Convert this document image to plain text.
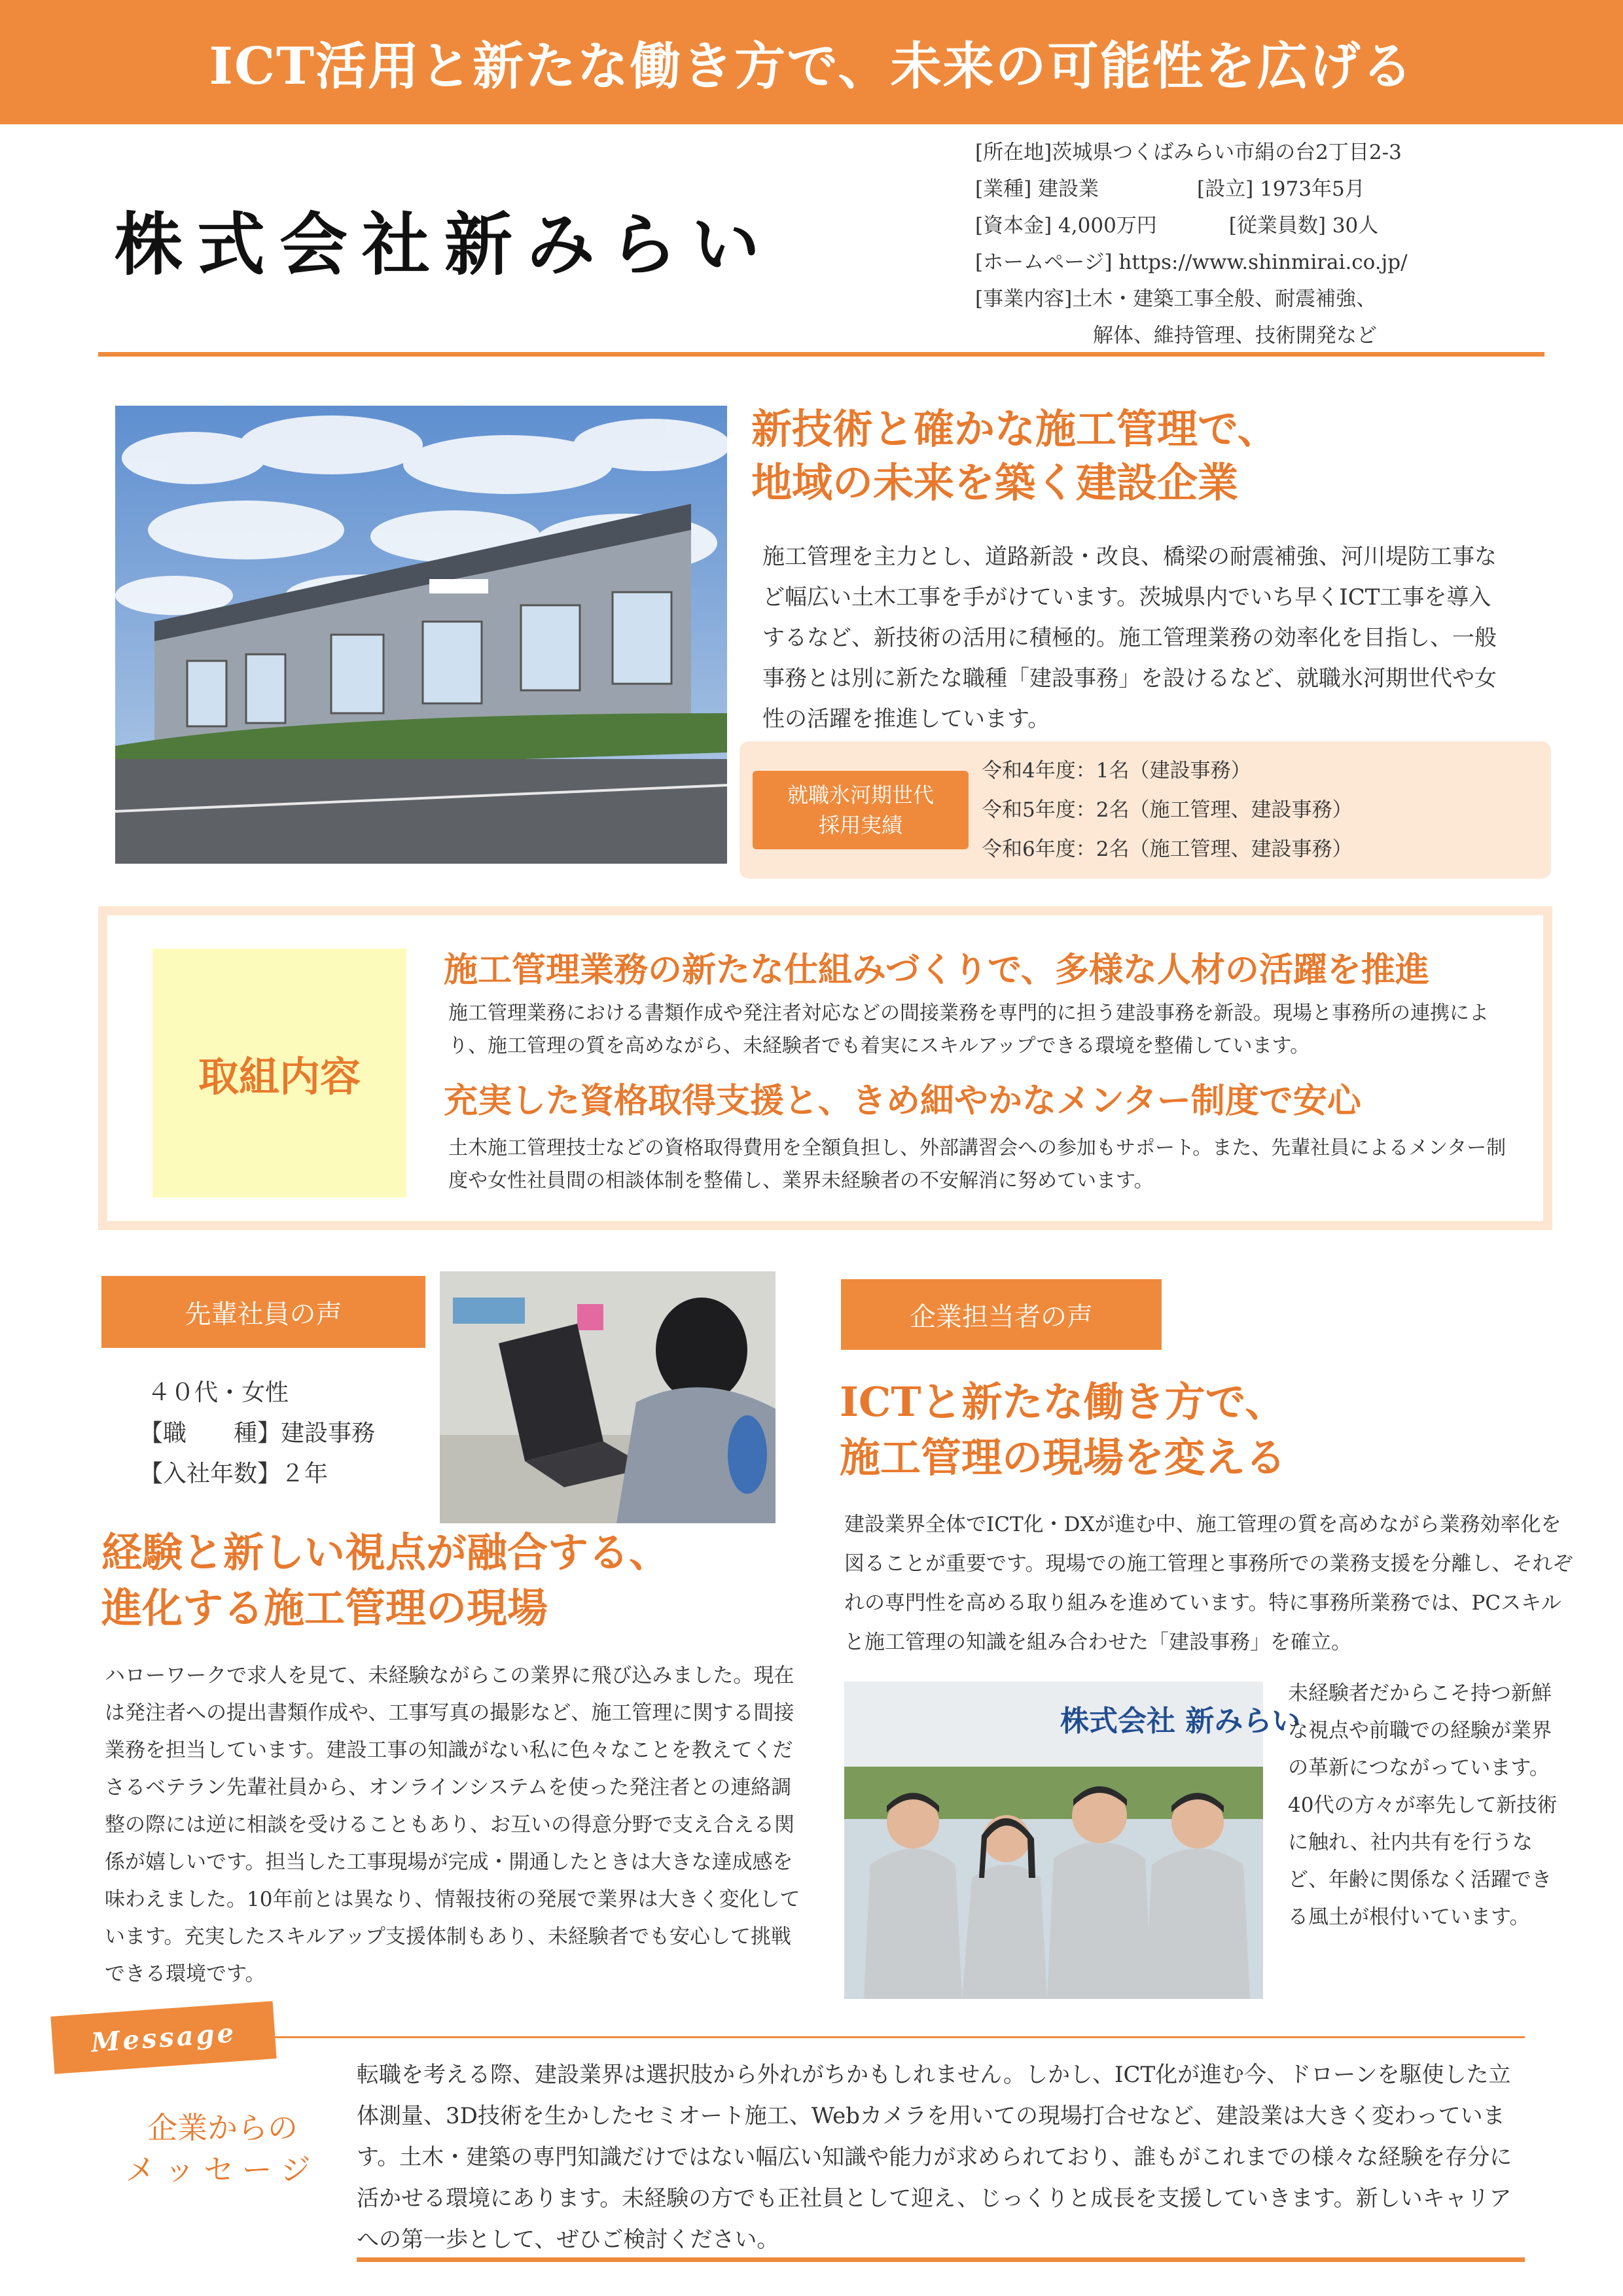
ICT活用と新たな働き方で、未来の可能性を広げる
株式会社新みらい
[所在地]茨城県つくばみらい市絹の台2丁目2-3
[業種] 建設業	[設立] 1973年5月
[資本金] 4,000万円	[従業員数] 30人
[ホームページ] https://www.shinmirai.co.jp/
[事業内容]土木・建築工事全般、耐震補強、
解体、維持管理、技術開発など
新技術と確かな施工管理で、
地域の未来を築く建設企業
施工管理を主力とし、道路新設・改良、橋梁の耐震補強、河川堤防工事など幅広い土木工事を手がけています。茨城県内でいち早くICT工事を導入するなど、新技術の活用に積極的。施工管理業務の効率化を目指し、一般事務とは別に新たな職種「建設事務」を設けるなど、就職氷河期世代や女性の活躍を推進しています。
就職氷河期世代
採用実績
令和4年度：1名（建設事務）
令和5年度：2名（施工管理、建設事務）
令和6年度：2名（施工管理、建設事務）
取組内容
施工管理業務の新たな仕組みづくりで、多様な人材の活躍を推進
施工管理業務における書類作成や発注者対応などの間接業務を専門的に担う建設事務を新設。現場と事務所の連携により、施工管理の質を高めながら、未経験者でも着実にスキルアップできる環境を整備しています。
充実した資格取得支援と、きめ細やかなメンター制度で安心
土木施工管理技士などの資格取得費用を全額負担し、外部講習会への参加もサポート。また、先輩社員によるメンター制度や女性社員間の相談体制を整備し、業界未経験者の不安解消に努めています。
先輩社員の声
４０代・女性
【職　　種】建設事務
【入社年数】２年
経験と新しい視点が融合する、
進化する施工管理の現場
ハローワークで求人を見て、未経験ながらこの業界に飛び込みました。現在は発注者への提出書類作成や、工事写真の撮影など、施工管理に関する間接業務を担当しています。建設工事の知識がない私に色々なことを教えてくださるベテラン先輩社員から、オンラインシステムを使った発注者との連絡調整の際には逆に相談を受けることもあり、お互いの得意分野で支え合える関係が嬉しいです。担当した工事現場が完成・開通したときは大きな達成感を味わえました。10年前とは異なり、情報技術の発展で業界は大きく変化しています。充実したスキルアップ支援体制もあり、未経験者でも安心して挑戦できる環境です。
企業担当者の声
ICTと新たな働き方で、
施工管理の現場を変える
建設業界全体でICT化・DXが進む中、施工管理の質を高めながら業務効率化を図ることが重要です。現場での施工管理と事務所での業務支援を分離し、それぞれの専門性を高める取り組みを進めています。特に事務所業務では、PCスキルと施工管理の知識を組み合わせた「建設事務」を確立。
株式会社 新みらい
未経験者だからこそ持つ新鮮な視点や前職での経験が業界の革新につながっています。40代の方々が率先して新技術に触れ、社内共有を行うなど、年齢に関係なく活躍できる風土が根付いています。
Message
企業からの
メッセージ
転職を考える際、建設業界は選択肢から外れがちかもしれません。しかし、ICT化が進む今、ドローンを駆使した立体測量、3D技術を生かしたセミオート施工、Webカメラを用いての現場打合せなど、建設業は大きく変わっています。土木・建築の専門知識だけではない幅広い知識や能力が求められており、誰もがこれまでの様々な経験を存分に活かせる環境にあります。未経験の方でも正社員として迎え、じっくりと成長を支援していきます。新しいキャリアへの第一歩として、ぜひご検討ください。
